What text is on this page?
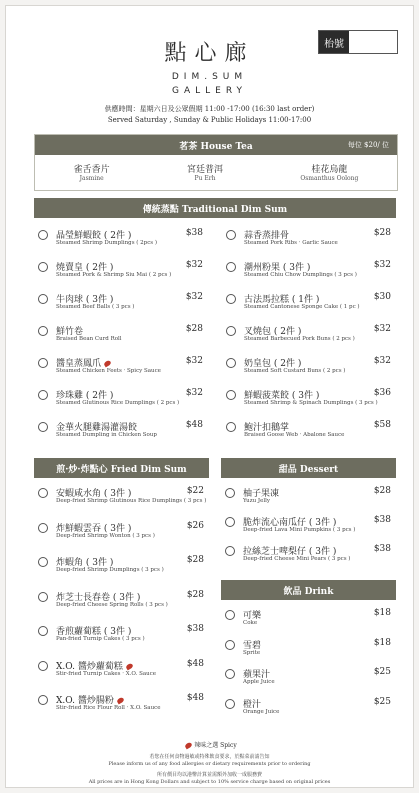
點心廊	枱號
DIM.SUM
GALLERY
供應時間：星期六日及公眾假期 11:00 -17:00 (16:30 last order)
Served Saturday , Sunday & Public Holidays 11:00-17:00
茗茶 House Tea	每位 $20/ 位
雀舌香片
Jasmine
宮廷普洱
Pu Erh
桂花烏龍
Osmanthus Oolong
傳統蒸點 Traditional Dim Sum
晶瑩鮮蝦餃 ( 2件 )
Steamed Shrimp Dumplings ( 2pcs )
$38
燒賣皇 ( 2件 )
Steamed Pork & Shrimp Siu Mai ( 2 pcs )
$32
牛肉球 ( 3件 )
Steamed Beef Balls ( 3 pcs )
$32
鮮竹卷
Braised Bean Curd Roll
$28
醬皇蒸鳳爪
Steamed Chicken Feets · Spicy Sauce
$32
珍珠雞 ( 2件 )
Steamed Glutinous Rice Dumplings ( 2 pcs )
$32
金華火腿雞湯灌湯餃
Steamed Dumpling in Chicken Soup
$48
蒜香蒸排骨
Steamed Pork Ribs · Garlic Sauce
$28
潮州粉果 ( 3件 )
Steamed Chiu Chow Dumplings ( 3 pcs )
$32
古法馬拉糕 ( 1件 )
Steamed Cantonese Sponge Cake ( 1 pc )
$30
叉燒包 ( 2件 )
Steamed Barbecued Pork Buns ( 2 pcs )
$32
奶皇包 ( 2件 )
Steamed Soft Custard Buns ( 2 pcs )
$32
鮮蝦菠菜餃 ( 3件 )
Steamed Shrimp & Spinach Dumplings ( 3 pcs )
$36
鮑汁扣鵝掌
Braised Goose Web · Abalone Sauce
$58
煎·炒·炸點心 Fried Dim Sum
安蝦咸水角 ( 3件 )
Deep-fried Shrimp Glutinous Rice Dumplings ( 3 pcs )
$22
炸鮮蝦雲吞 ( 3件 )
Deep-fried Shrimp Wonton ( 3 pcs )
$26
炸蝦角 ( 3件 )
Deep-fried Shrimp Dumplings ( 3 pcs )
$28
炸芝士長春卷 ( 3件 )
Deep-fried Cheese Spring Rolls ( 3 pcs )
$28
香煎蘿蔔糕 ( 3件 )
Pan-fried Turnip Cakes ( 3 pcs )
$38
X.O. 醬炒蘿蔔糕
Stir-fried Turnip Cakes · X.O. Sauce
$48
X.O. 醬炒腸粉
Stir-fried Rice Flour Roll · X.O. Sauce
$48
甜品 Dessert
柚子果凍
Yuzu Jelly
$28
脆炸流心南瓜仔 ( 3件 )
Deep-fried Lava Mini Pumpkins ( 3 pcs )
$38
拉絲芝士啤梨仔 ( 3件 )
Deep-fried Cheese Mini Pears ( 3 pcs )
$38
飲品 Drink
可樂
Coke
$18
雪碧
Sprite
$18
蘋果汁
Apple Juice
$25
橙汁
Orange Juice
$25
辣味之選 Spicy
若您在任何食物過敏或特殊飲食要求，於點菜前請告知
Please inform us of any food allergies or dietary requirements prior to ordering
所有價目均以港幣計算並需額外加收一成服務費
All prices are in Hong Kong Dollars and subject to 10% service charge based on original prices
